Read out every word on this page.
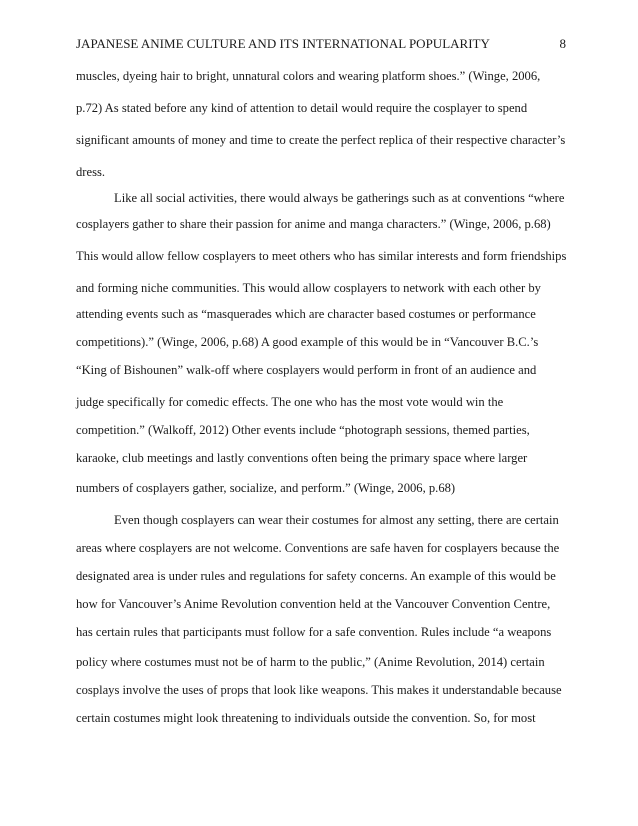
JAPANESE ANIME CULTURE AND ITS INTERNATIONAL POPULARITY	8
muscles, dyeing hair to bright, unnatural colors and wearing platform shoes.” (Winge, 2006,
p.72) As stated before any kind of attention to detail would require the cosplayer to spend
significant amounts of money and time to create the perfect replica of their respective character’s
dress.
Like all social activities, there would always be gatherings such as at conventions “where
cosplayers gather to share their passion for anime and manga characters.” (Winge, 2006, p.68)
This would allow fellow cosplayers to meet others who has similar interests and form friendships
and forming niche communities. This would allow cosplayers to network with each other by
attending events such as “masquerades which are character based costumes or performance
competitions).” (Winge, 2006, p.68) A good example of this would be in “Vancouver B.C.’s
“King of Bishounen” walk-off where cosplayers would perform in front of an audience and
judge specifically for comedic effects. The one who has the most vote would win the
competition.” (Walkoff, 2012) Other events include “photograph sessions, themed parties,
karaoke, club meetings and lastly conventions often being the primary space where larger
numbers of cosplayers gather, socialize, and perform.” (Winge, 2006, p.68)
Even though cosplayers can wear their costumes for almost any setting, there are certain
areas where cosplayers are not welcome. Conventions are safe haven for cosplayers because the
designated area is under rules and regulations for safety concerns. An example of this would be
how for Vancouver’s Anime Revolution convention held at the Vancouver Convention Centre,
has certain rules that participants must follow for a safe convention. Rules include “a weapons
policy where costumes must not be of harm to the public,” (Anime Revolution, 2014) certain
cosplays involve the uses of props that look like weapons. This makes it understandable because
certain costumes might look threatening to individuals outside the convention. So, for most
